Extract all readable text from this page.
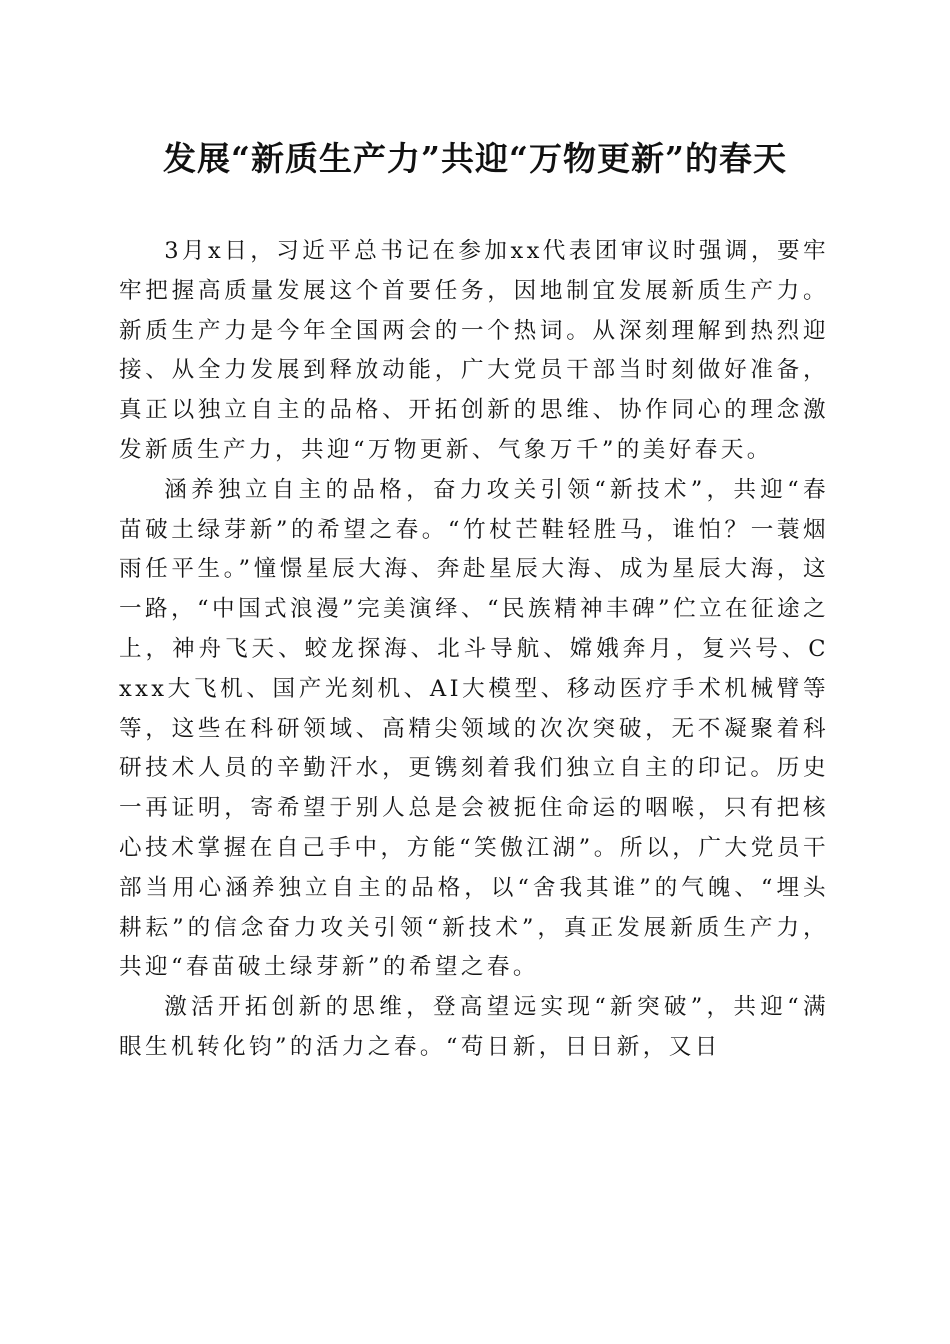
发展“新质生产力”共迎“万物更新”的春天

3月x日，习近平总书记在参加xx代表团审议时强调，要牢牢把握高质量发展这个首要任务，因地制宜发展新质生产力。新质生产力是今年全国两会的一个热词。从深刻理解到热烈迎接、从全力发展到释放动能，广大党员干部当时刻做好准备，真正以独立自主的品格、开拓创新的思维、协作同心的理念激发新质生产力，共迎“万物更新、气象万千”的美好春天。

涵养独立自主的品格，奋力攻关引领“新技术”，共迎“春苗破土绿芽新”的希望之春。“竹杖芒鞋轻胜马，谁怕？一蓑烟雨任平生。”憧憬星辰大海、奔赴星辰大海、成为星辰大海，这一路，“中国式浪漫”完美演绎、“民族精神丰碑”伫立在征途之上，神舟飞天、蛟龙探海、北斗导航、嫦娥奔月，复兴号、Cxxx大飞机、国产光刻机、AI大模型、移动医疗手术机械臂等等，这些在科研领域、高精尖领域的次次突破，无不凝聚着科研技术人员的辛勤汗水，更镌刻着我们独立自主的印记。历史一再证明，寄希望于别人总是会被扼住命运的咽喉，只有把核心技术掌握在自己手中，方能“笑傲江湖”。所以，广大党员干部当用心涵养独立自主的品格，以“舍我其谁”的气魄、“埋头耕耘”的信念奋力攻关引领“新技术”，真正发展新质生产力，共迎“春苗破土绿芽新”的希望之春。

激活开拓创新的思维，登高望远实现“新突破”，共迎“满眼生机转化钧”的活力之春。“苟日新，日日新，又日
